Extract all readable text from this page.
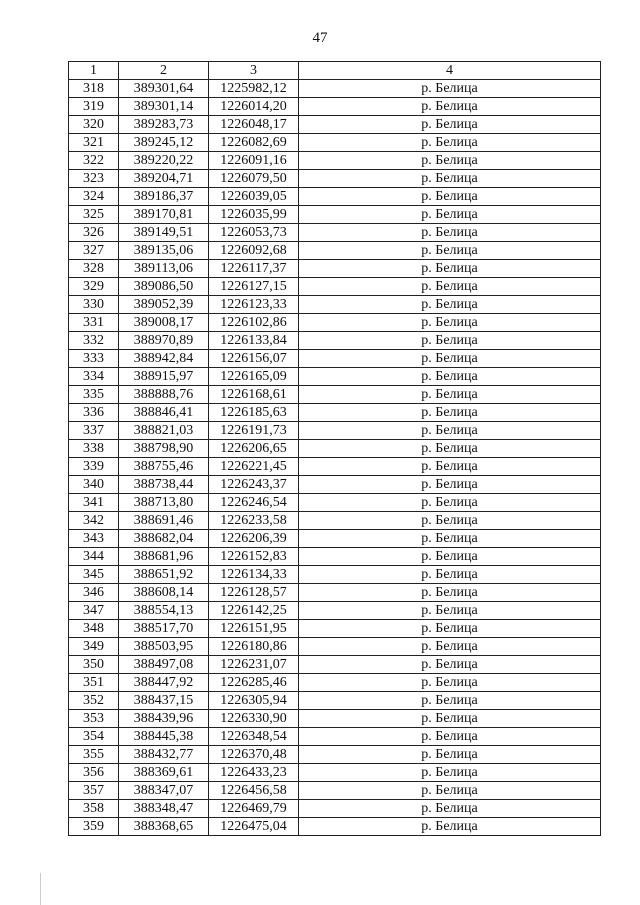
47
1	2	3	4
318	389301,64	1225982,12	р. Белица
319	389301,14	1226014,20	р. Белица
320	389283,73	1226048,17	р. Белица
321	389245,12	1226082,69	р. Белица
322	389220,22	1226091,16	р. Белица
323	389204,71	1226079,50	р. Белица
324	389186,37	1226039,05	р. Белица
325	389170,81	1226035,99	р. Белица
326	389149,51	1226053,73	р. Белица
327	389135,06	1226092,68	р. Белица
328	389113,06	1226117,37	р. Белица
329	389086,50	1226127,15	р. Белица
330	389052,39	1226123,33	р. Белица
331	389008,17	1226102,86	р. Белица
332	388970,89	1226133,84	р. Белица
333	388942,84	1226156,07	р. Белица
334	388915,97	1226165,09	р. Белица
335	388888,76	1226168,61	р. Белица
336	388846,41	1226185,63	р. Белица
337	388821,03	1226191,73	р. Белица
338	388798,90	1226206,65	р. Белица
339	388755,46	1226221,45	р. Белица
340	388738,44	1226243,37	р. Белица
341	388713,80	1226246,54	р. Белица
342	388691,46	1226233,58	р. Белица
343	388682,04	1226206,39	р. Белица
344	388681,96	1226152,83	р. Белица
345	388651,92	1226134,33	р. Белица
346	388608,14	1226128,57	р. Белица
347	388554,13	1226142,25	р. Белица
348	388517,70	1226151,95	р. Белица
349	388503,95	1226180,86	р. Белица
350	388497,08	1226231,07	р. Белица
351	388447,92	1226285,46	р. Белица
352	388437,15	1226305,94	р. Белица
353	388439,96	1226330,90	р. Белица
354	388445,38	1226348,54	р. Белица
355	388432,77	1226370,48	р. Белица
356	388369,61	1226433,23	р. Белица
357	388347,07	1226456,58	р. Белица
358	388348,47	1226469,79	р. Белица
359	388368,65	1226475,04	р. Белица
